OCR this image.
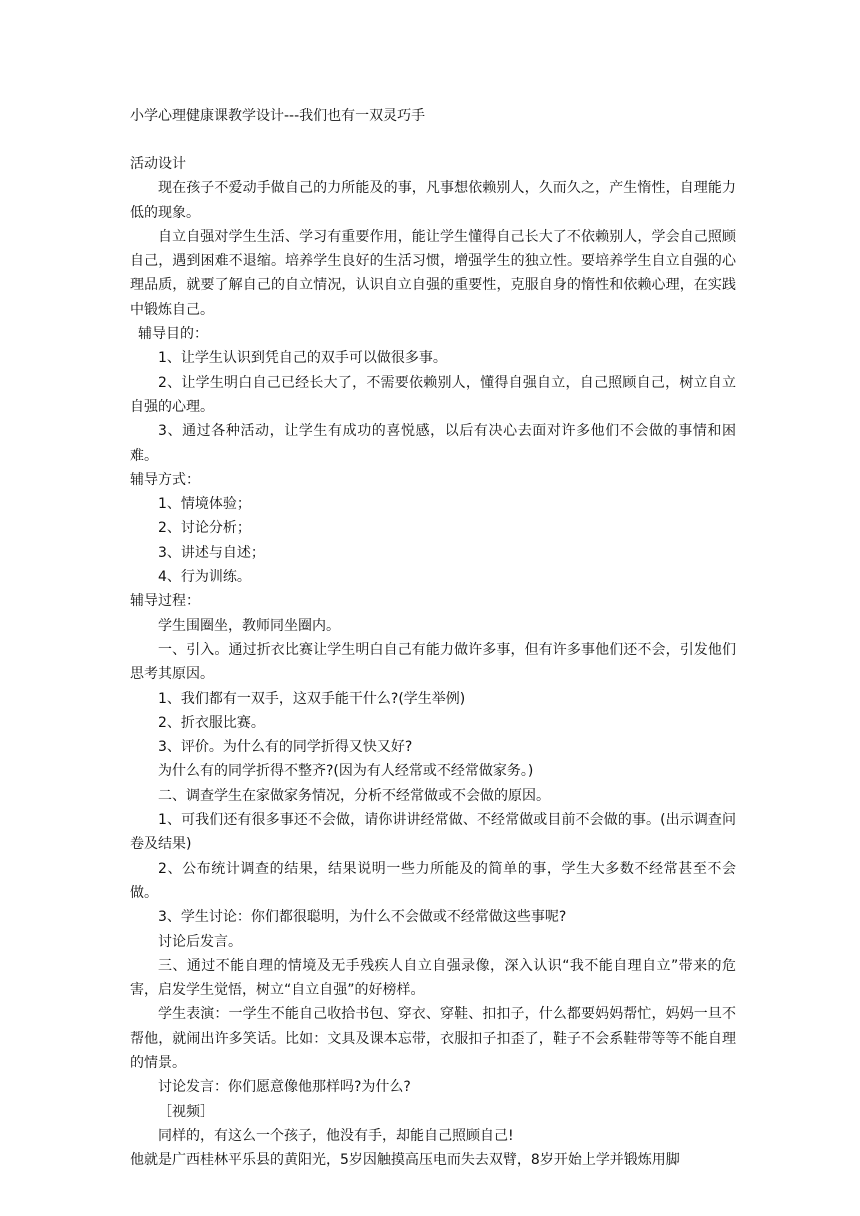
小学心理健康课教学设计---我们也有一双灵巧手

活动设计

现在孩子不爱动手做自己的力所能及的事，凡事想依赖别人，久而久之，产生惰性，自理能力低的现象。

自立自强对学生生活、学习有重要作用，能让学生懂得自己长大了不依赖别人，学会自己照顾自己，遇到困难不退缩。培养学生良好的生活习惯，增强学生的独立性。要培养学生自立自强的心理品质，就要了解自己的自立情况，认识自立自强的重要性，克服自身的惰性和依赖心理，在实践中锻炼自己。

辅导目的：

1、让学生认识到凭自己的双手可以做很多事。

2、让学生明白自己已经长大了，不需要依赖别人，懂得自强自立，自己照顾自己，树立自立自强的心理。

3、通过各种活动，让学生有成功的喜悦感，以后有决心去面对许多他们不会做的事情和困难。

辅导方式：

1、情境体验；

2、讨论分析；

3、讲述与自述；

4、行为训练。

辅导过程：

学生围圈坐，教师同坐圈内。

一、引入。通过折衣比赛让学生明白自己有能力做许多事，但有许多事他们还不会，引发他们思考其原因。

1、我们都有一双手，这双手能干什么?(学生举例)

2、折衣服比赛。

3、评价。为什么有的同学折得又快又好?

为什么有的同学折得不整齐?(因为有人经常或不经常做家务。)

二、调查学生在家做家务情况，分析不经常做或不会做的原因。

1、可我们还有很多事还不会做，请你讲讲经常做、不经常做或目前不会做的事。(出示调查问卷及结果)

2、公布统计调查的结果，结果说明一些力所能及的简单的事，学生大多数不经常甚至不会做。

3、学生讨论：你们都很聪明，为什么不会做或不经常做这些事呢?

讨论后发言。

三、通过不能自理的情境及无手残疾人自立自强录像，深入认识“我不能自理自立”带来的危害，启发学生觉悟，树立“自立自强”的好榜样。

学生表演：一学生不能自己收拾书包、穿衣、穿鞋、扣扣子，什么都要妈妈帮忙，妈妈一旦不帮他，就闹出许多笑话。比如：文具及课本忘带，衣服扣子扣歪了，鞋子不会系鞋带等等不能自理的情景。

讨论发言：你们愿意像他那样吗?为什么?

［视频］

同样的，有这么一个孩子，他没有手，却能自己照顾自己!

他就是广西桂林平乐县的黄阳光，5岁因触摸高压电而失去双臂，8岁开始上学并锻炼用脚
